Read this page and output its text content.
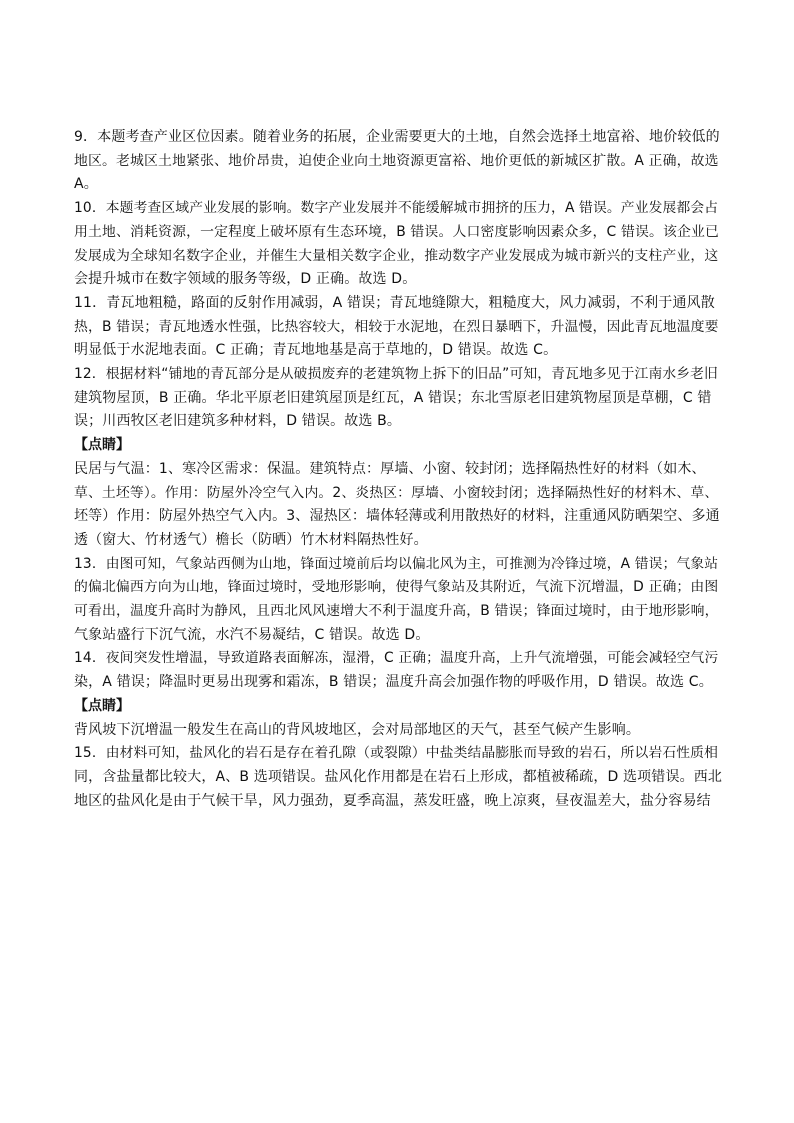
9．本题考查产业区位因素。随着业务的拓展，企业需要更大的土地，自然会选择土地富裕、地价较低的
地区。老城区土地紧张、地价昂贵，迫使企业向土地资源更富裕、地价更低的新城区扩散。A 正确，故选
A。
10．本题考查区域产业发展的影响。数字产业发展并不能缓解城市拥挤的压力，A 错误。产业发展都会占
用土地、消耗资源，一定程度上破坏原有生态环境，B 错误。人口密度影响因素众多，C 错误。该企业已
发展成为全球知名数字企业，并催生大量相关数字企业，推动数字产业发展成为城市新兴的支柱产业，这
会提升城市在数字领域的服务等级，D 正确。故选 D。
11．青瓦地粗糙，路面的反射作用减弱，A 错误；青瓦地缝隙大，粗糙度大，风力减弱，不利于通风散
热，B 错误；青瓦地透水性强，比热容较大，相较于水泥地，在烈日暴晒下，升温慢，因此青瓦地温度要
明显低于水泥地表面。C 正确；青瓦地地基是高于草地的，D 错误。故选 C。
12．根据材料“铺地的青瓦部分是从破损废弃的老建筑物上拆下的旧品”可知，青瓦地多见于江南水乡老旧
建筑物屋顶，B 正确。华北平原老旧建筑屋顶是红瓦，A 错误；东北雪原老旧建筑物屋顶是草棚，C 错
误；川西牧区老旧建筑多种材料，D 错误。故选 B。
【点睛】
民居与气温：1、寒冷区需求：保温。建筑特点：厚墙、小窗、较封闭；选择隔热性好的材料（如木、
草、土坯等）。作用：防屋外冷空气入内。2、炎热区：厚墙、小窗较封闭；选择隔热性好的材料木、草、
坯等）作用：防屋外热空气入内。3、湿热区：墙体轻薄或利用散热好的材料，注重通风防晒架空、多通
透（窗大、竹材透气）檐长（防晒）竹木材料隔热性好。
13．由图可知，气象站西侧为山地，锋面过境前后均以偏北风为主，可推测为冷锋过境，A 错误；气象站
的偏北偏西方向为山地，锋面过境时，受地形影响，使得气象站及其附近，气流下沉增温，D 正确；由图
可看出，温度升高时为静风，且西北风风速增大不利于温度升高，B 错误；锋面过境时，由于地形影响，
气象站盛行下沉气流，水汽不易凝结，C 错误。故选 D。
14．夜间突发性增温，导致道路表面解冻，湿滑，C 正确；温度升高，上升气流增强，可能会减轻空气污
染，A 错误；降温时更易出现雾和霜冻，B 错误；温度升高会加强作物的呼吸作用，D 错误。故选 C。
【点睛】
背风坡下沉增温一般发生在高山的背风坡地区，会对局部地区的天气，甚至气候产生影响。
15．由材料可知，盐风化的岩石是存在着孔隙（或裂隙）中盐类结晶膨胀而导致的岩石，所以岩石性质相
同，含盐量都比较大，A、B 选项错误。盐风化作用都是在岩石上形成，都植被稀疏，D 选项错误。西北
地区的盐风化是由于气候干旱，风力强劲，夏季高温，蒸发旺盛，晚上凉爽，昼夜温差大，盐分容易结
